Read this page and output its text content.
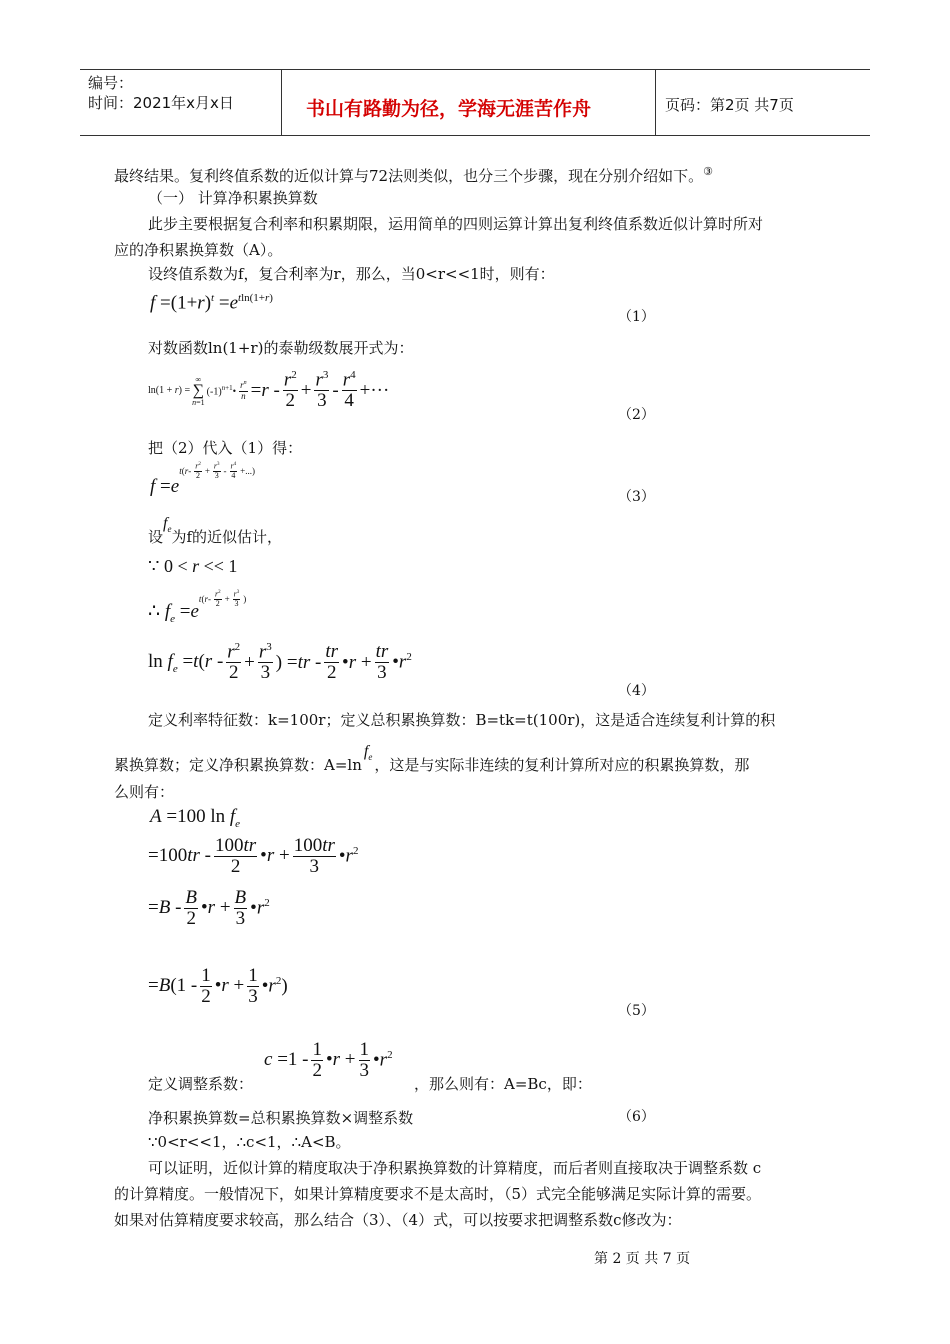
编号：
时间：2021年x月x日	书山有路勤为径，学海无涯苦作舟	页码：第2页 共7页
最终结果。复利终值系数的近似计算与72法则类似，也分三个步骤，现在分别介绍如下。③
（一） 计算净积累换算数
此步主要根据复合利率和积累期限，运用简单的四则运算计算出复利终值系数近似计算时所对
应的净积累换算数（A）。
设终值系数为f，复合利率为r，那么，当0<r<<1时，则有：
$f =(1+r)^t =e^{tln(1+r)}$
（1）
对数函数ln(1+r)的泰勒级数展开式为：
ln(1 + r) =
∞
∑
n=1
$(-1)^{n+1}• \frac{r^n}{n} =r - \frac{r^2}{2} + \frac{r^3}{3} - \frac{r^4}{4}$ +···
（2）
把（2）代入（1）得：
f =e
t ( $r - \frac{r^2}{2} + \frac{r^3}{3} - \frac{r^4}{4}$ +...)
（3）
设
$f_e$ 为f的近似估计，
∵ 0 < r << 1
∴ $f_e =e$
t ( $r - \frac{r^2}{2} + \frac{r^3}{3}$ )
$\ln f_e =t(r - \frac{r^2}{2} + \frac{r^3}{3}$ ) $=tr - \frac{tr}{2}$ •r + $\frac{tr}{3}$ $•r^2$
（4）
定义利率特征数：k=100r；定义总积累换算数：B=tk=t(100r)，这是适合连续复利计算的积
累换算数；定义净积累换算数：A=ln
$f_e$ ，这是与实际非连续的复利计算所对应的积累换算数，那
么则有：
A =100 $\ln f_e$
$=100tr - \frac{100tr}{2}$ •r + $\frac{100tr}{3}$ $•r^2$
$=B - \frac{B}{2}$ •r + $\frac{B}{3}$ $•r^2$
$=B(1 - \frac{1}{2}$ •r + $\frac{1}{3}$ $•r^2$)
（5）
$c =1 - \frac{1}{2}$ •r + $\frac{1}{3}$ $•r^2$
定义调整系数：	，那么则有：A=Bc，即：
净积累换算数=总积累换算数×调整系数	（6）
∵0<r<<1，∴c<1，∴A<B。
可以证明，近似计算的精度取决于净积累换算数的计算精度，而后者则直接取决于调整系数 c
的计算精度。一般情况下，如果计算精度要求不是太高时，（5）式完全能够满足实际计算的需要。
如果对估算精度要求较高，那么结合（3）、（4）式，可以按要求把调整系数c修改为：
第 2 页 共 7 页
